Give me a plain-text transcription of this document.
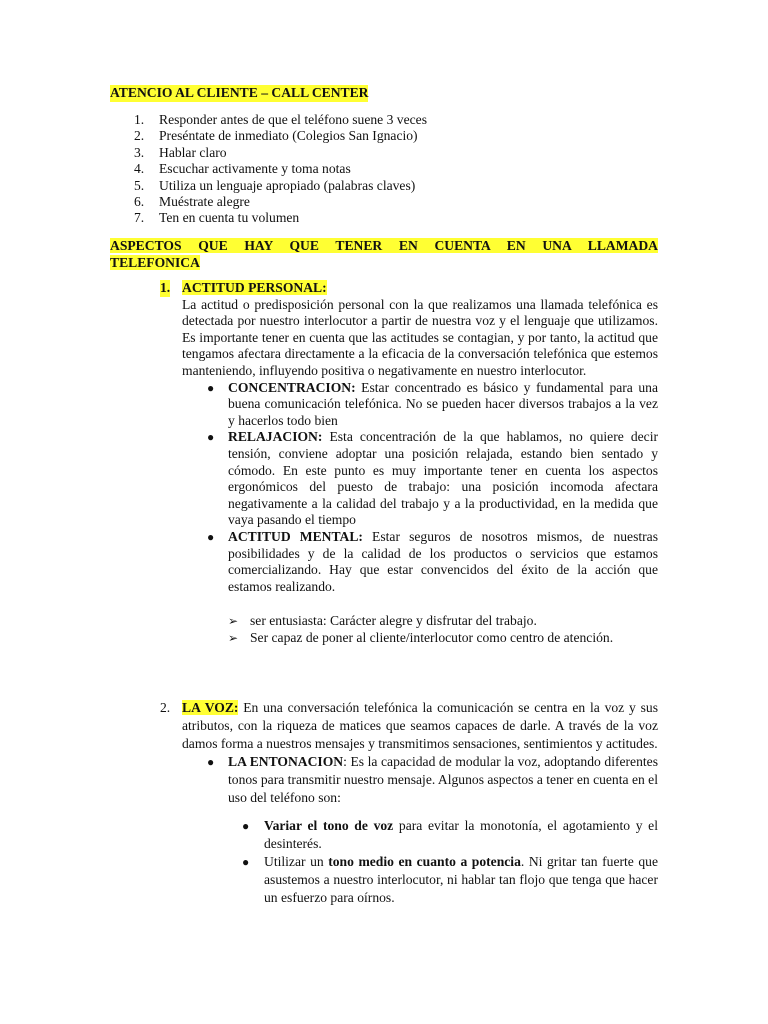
ATENCIO AL CLIENTE – CALL CENTER
1. Responder antes de que el teléfono suene 3 veces
2. Preséntate de inmediato (Colegios San Ignacio)
3. Hablar claro
4. Escuchar activamente y toma notas
5. Utiliza un lenguaje apropiado (palabras claves)
6. Muéstrate alegre
7. Ten en cuenta tu volumen
ASPECTOS QUE HAY QUE TENER EN CUENTA EN UNA LLAMADA
TELEFONICA
1. ACTITUD PERSONAL:

La actitud o predisposición personal con la que realizamos una llamada telefónica es detectada por nuestro interlocutor a partir de nuestra voz y el lenguaje que utilizamos. Es importante tener en cuenta que las actitudes se contagian, y por tanto, la actitud que tengamos afectara directamente a la eficacia de la conversación telefónica que estemos manteniendo, influyendo positiva o negativamente en nuestro interlocutor.

● CONCENTRACION: Estar concentrado es básico y fundamental para una buena comunicación telefónica. No se pueden hacer diversos trabajos a la vez y hacerlos todo bien
● RELAJACION: Esta concentración de la que hablamos, no quiere decir tensión, conviene adoptar una posición relajada, estando bien sentado y cómodo. En este punto es muy importante tener en cuenta los aspectos ergonómicos del puesto de trabajo: una posición incomoda afectara negativamente a la calidad del trabajo y a la productividad, en la medida que vaya pasando el tiempo
● ACTITUD MENTAL: Estar seguros de nosotros mismos, de nuestras posibilidades y de la calidad de los productos o servicios que estamos comercializando. Hay que estar convencidos del éxito de la acción que estamos realizando.
➢ ser entusiasta: Carácter alegre y disfrutar del trabajo.
➢ Ser capaz de poner al cliente/interlocutor como centro de atención.
2. LA VOZ: En una conversación telefónica la comunicación se centra en la voz y sus atributos, con la riqueza de matices que seamos capaces de darle. A través de la voz damos forma a nuestros mensajes y transmitimos sensaciones, sentimientos y actitudes.
● LA ENTONACION: Es la capacidad de modular la voz, adoptando diferentes tonos para transmitir nuestro mensaje. Algunos aspectos a tener en cuenta en el uso del teléfono son:
● Variar el tono de voz para evitar la monotonía, el agotamiento y el desinterés.
● Utilizar un tono medio en cuanto a potencia. Ni gritar tan fuerte que asustemos a nuestro interlocutor, ni hablar tan flojo que tenga que hacer un esfuerzo para oírnos.
